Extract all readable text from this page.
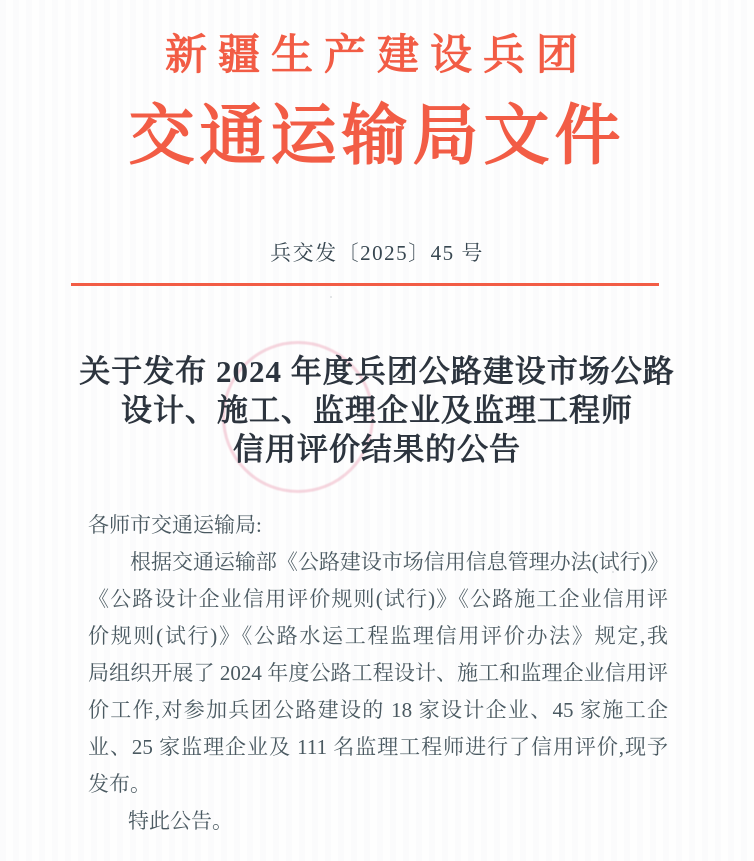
新疆生产建设兵团
交通运输局文件
兵交发〔2025〕45 号
关于发布 2024 年度兵团公路建设市场公路
设计、施工、监理企业及监理工程师
信用评价结果的公告
各师市交通运输局:
根据交通运输部《公路建设市场信用信息管理办法(试行)》
《公路设计企业信用评价规则(试行)》《公路施工企业信用评
价规则(试行)》《公路水运工程监理信用评价办法》规定,我
局组织开展了 2024 年度公路工程设计、施工和监理企业信用评
价工作,对参加兵团公路建设的 18 家设计企业、45 家施工企
业、25 家监理企业及 111 名监理工程师进行了信用评价,现予
发布。
特此公告。
